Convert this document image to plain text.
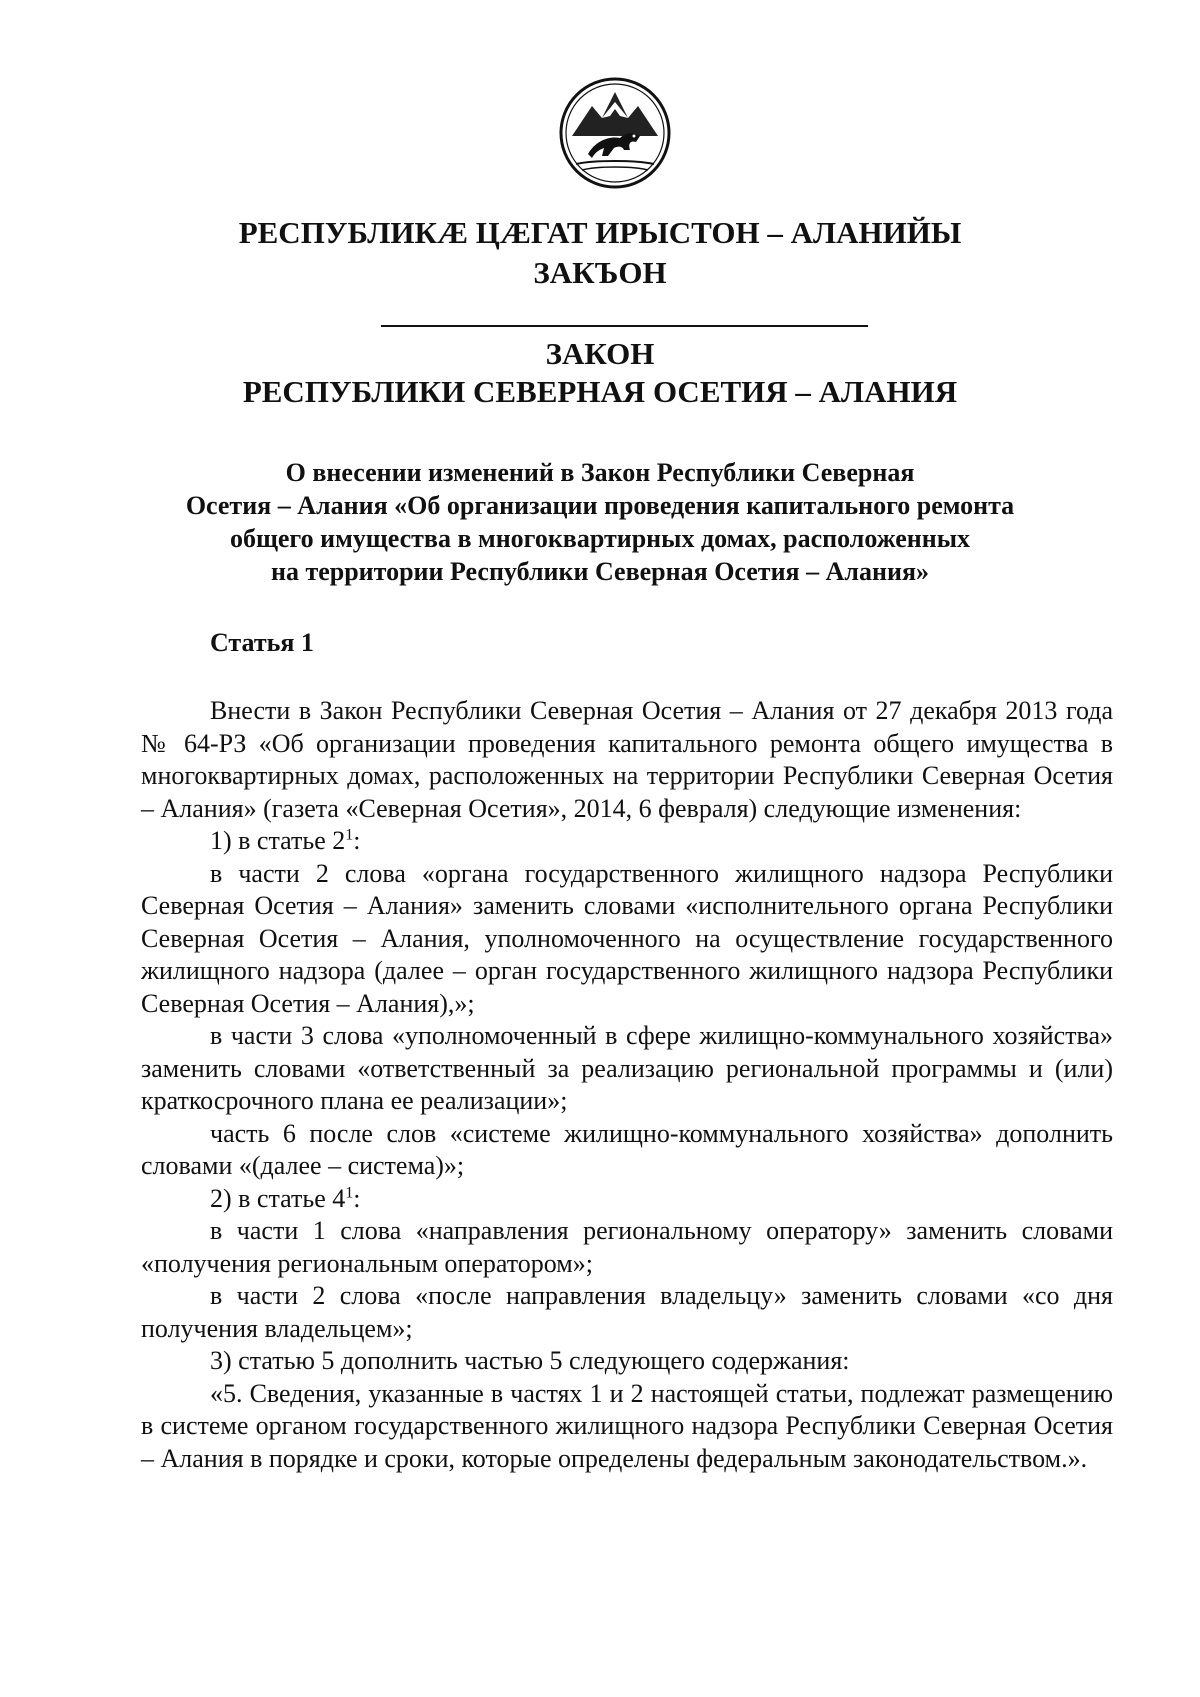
РЕСПУБЛИКӔ ЦӔГАТ ИРЫСТОН – АЛАНИЙЫ
ЗАКЪОН
ЗАКОН
РЕСПУБЛИКИ СЕВЕРНАЯ ОСЕТИЯ – АЛАНИЯ
О внесении изменений в Закон Республики Северная
Осетия – Алания «Об организации проведения капитального ремонта
общего имущества в многоквартирных домах, расположенных
на территории Республики Северная Осетия – Алания»
Статья 1

Внести в Закон Республики Северная Осетия – Алания от 27 декабря 2013 года № 64-РЗ «Об организации проведения капитального ремонта общего имущества в многоквартирных домах, расположенных на территории Республики Северная Осетия – Алания» (газета «Северная Осетия», 2014, 6 февраля) следующие изменения:

1) в статье $2^1$:

в части 2 слова «органа государственного жилищного надзора Республики Северная Осетия – Алания» заменить словами «исполнительного органа Республики Северная Осетия – Алания, уполномоченного на осуществление государственного жилищного надзора (далее – орган государственного жилищного надзора Республики Северная Осетия – Алания),»;

в части 3 слова «уполномоченный в сфере жилищно-коммунального хозяйства» заменить словами «ответственный за реализацию региональной программы и (или) краткосрочного плана ее реализации»;

часть 6 после слов «системе жилищно-коммунального хозяйства» дополнить словами «(далее – система)»;

2) в статье $4^1$:

в части 1 слова «направления региональному оператору» заменить словами «получения региональным оператором»;

в части 2 слова «после направления владельцу» заменить словами «со дня получения владельцем»;

3) статью 5 дополнить частью 5 следующего содержания:

«5. Сведения, указанные в частях 1 и 2 настоящей статьи, подлежат размещению в системе органом государственного жилищного надзора Республики Северная Осетия – Алания в порядке и сроки, которые определены федеральным законодательством.».
